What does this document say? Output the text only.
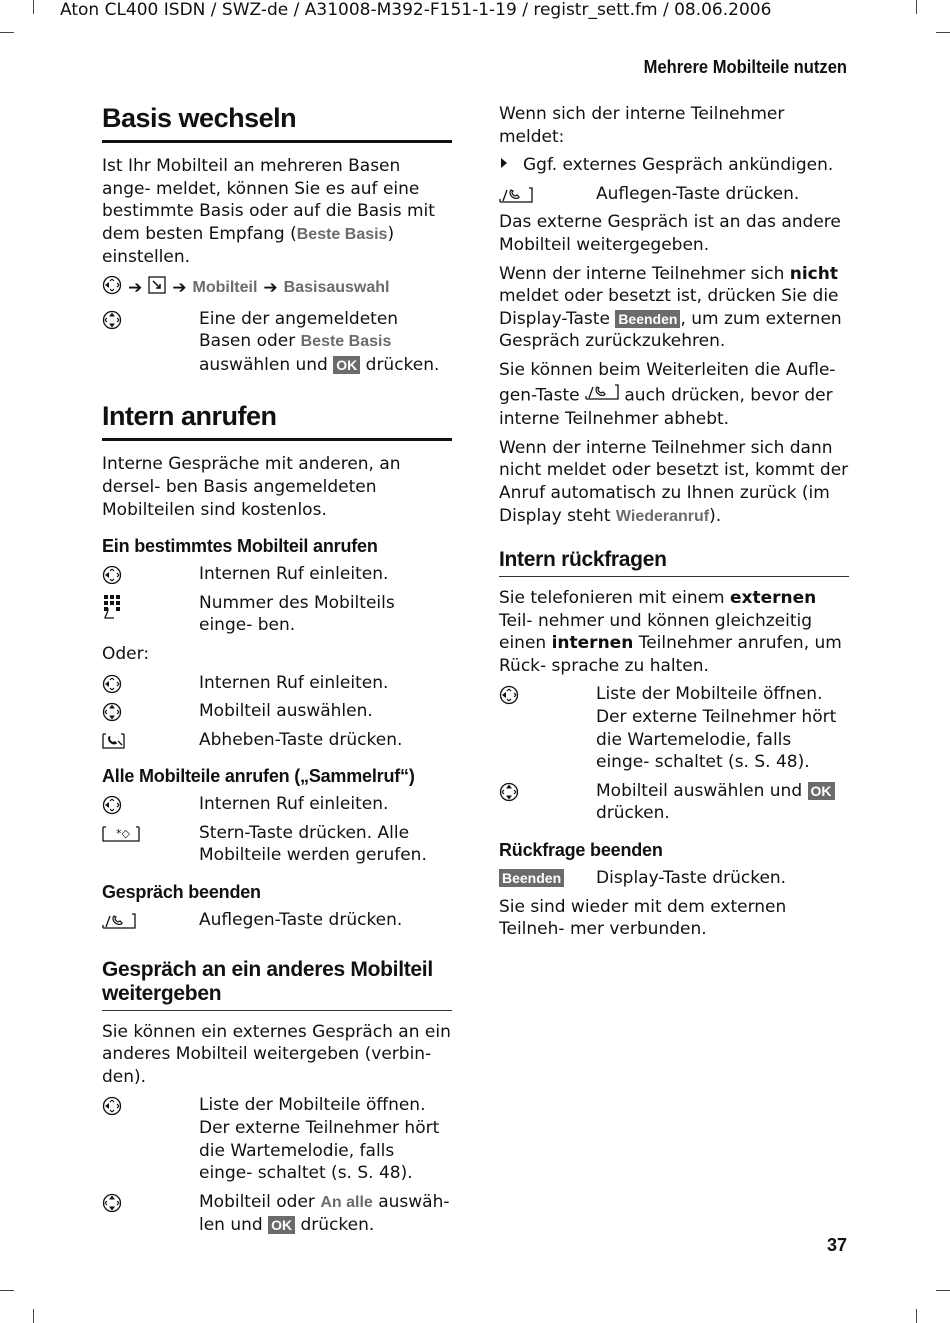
Aton CL400 ISDN / SWZ-de / A31008-M392-F151-1-19 / registr_sett.fm / 08.06.2006
Mehrere Mobilteile nutzen
Basis wechseln

Ist Ihr Mobilteil an mehreren Basen ange- meldet, können Sie es auf eine bestimmte Basis oder auf die Basis mit dem besten Empfang (Beste Basis) einstellen.

➔ ➔ Mobilteil ➔ Basisauswahl
Eine der angemeldeten Basen oder Beste Basis auswählen und OK drücken.
Intern anrufen

Interne Gespräche mit anderen, an dersel- ben Basis angemeldeten Mobilteilen sind kostenlos.

Ein bestimmtes Mobilteil anrufen
Internen Ruf einleiten.
Nummer des Mobilteils einge- ben.

Oder:

Internen Ruf einleiten.
Mobilteil auswählen.
Abheben-Taste drücken.
Alle Mobilteile anrufen („Sammelruf“)
Internen Ruf einleiten.
*◇	Stern-Taste drücken. Alle Mobilteile werden gerufen.
Gespräch beenden
Auflegen-Taste drücken.
Gespräch an ein anderes Mobilteil
weitergeben

Sie können ein externes Gespräch an ein anderes Mobilteil weitergeben (verbin- den).

Liste der Mobilteile öffnen. Der externe Teilnehmer hört die Wartemelodie, falls einge- schaltet (s. S. 48).
Mobilteil oder An alle auswäh- len und OK drücken.

Wenn sich der interne Teilnehmer meldet:

Ggf. externes Gespräch ankündigen.
Auflegen-Taste drücken.

Das externe Gespräch ist an das andere Mobilteil weitergegeben.

Wenn der interne Teilnehmer sich nicht meldet oder besetzt ist, drücken Sie die Display-Taste Beenden , um zum externen Gespräch zurückzukehren.

Sie können beim Weiterleiten die Aufle- gen-Taste  auch drücken, bevor der interne Teilnehmer abhebt.

Wenn der interne Teilnehmer sich dann nicht meldet oder besetzt ist, kommt der Anruf automatisch zu Ihnen zurück (im Display steht Wiederanruf).

Intern rückfragen

Sie telefonieren mit einem externen Teil- nehmer und können gleichzeitig einen internen Teilnehmer anrufen, um Rück- sprache zu halten.

Liste der Mobilteile öffnen. Der externe Teilnehmer hört die Wartemelodie, falls einge- schaltet (s. S. 48).
Mobilteil auswählen und OK drücken.
Rückfrage beenden
Beenden	Display-Taste drücken.

Sie sind wieder mit dem externen Teilneh- mer verbunden.

37
